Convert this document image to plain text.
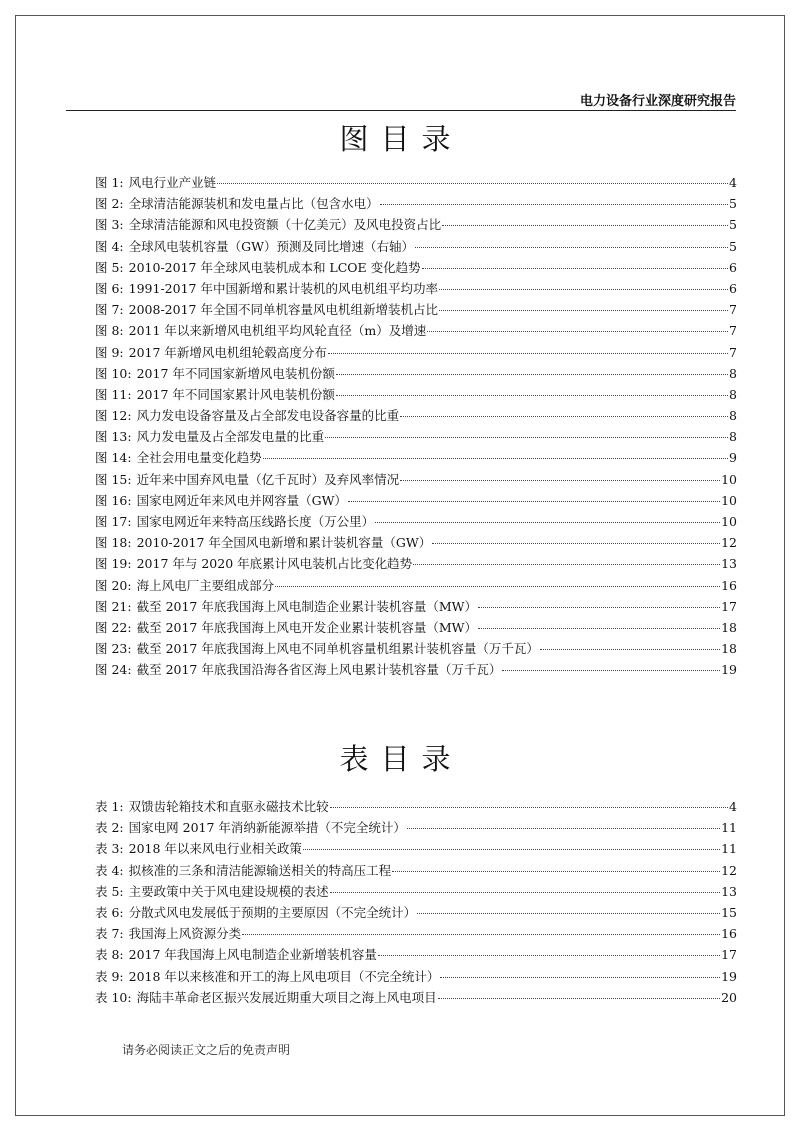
电力设备行业深度研究报告
图目录
图 1: 风电行业产业链	4
图 2: 全球清洁能源装机和发电量占比（包含水电）	5
图 3: 全球清洁能源和风电投资额（十亿美元）及风电投资占比	5
图 4: 全球风电装机容量（GW）预测及同比增速（右轴）	5
图 5: 2010-2017 年全球风电装机成本和 LCOE 变化趋势	6
图 6: 1991-2017 年中国新增和累计装机的风电机组平均功率	6
图 7: 2008-2017 年全国不同单机容量风电机组新增装机占比	7
图 8: 2011 年以来新增风电机组平均风轮直径（m）及增速	7
图 9: 2017 年新增风电机组轮毂高度分布	7
图 10: 2017 年不同国家新增风电装机份额	8
图 11: 2017 年不同国家累计风电装机份额	8
图 12: 风力发电设备容量及占全部发电设备容量的比重	8
图 13: 风力发电量及占全部发电量的比重	8
图 14: 全社会用电量变化趋势	9
图 15: 近年来中国弃风电量（亿千瓦时）及弃风率情况	10
图 16: 国家电网近年来风电并网容量（GW）	10
图 17: 国家电网近年来特高压线路长度（万公里）	10
图 18: 2010-2017 年全国风电新增和累计装机容量（GW）	12
图 19: 2017 年与 2020 年底累计风电装机占比变化趋势	13
图 20: 海上风电厂主要组成部分	16
图 21: 截至 2017 年底我国海上风电制造企业累计装机容量（MW）	17
图 22: 截至 2017 年底我国海上风电开发企业累计装机容量（MW）	18
图 23: 截至 2017 年底我国海上风电不同单机容量机组累计装机容量（万千瓦）	18
图 24: 截至 2017 年底我国沿海各省区海上风电累计装机容量（万千瓦）	19
表目录
表 1: 双馈齿轮箱技术和直驱永磁技术比较	4
表 2: 国家电网 2017 年消纳新能源举措（不完全统计）	11
表 3: 2018 年以来风电行业相关政策	11
表 4: 拟核准的三条和清洁能源输送相关的特高压工程	12
表 5: 主要政策中关于风电建设规模的表述	13
表 6: 分散式风电发展低于预期的主要原因（不完全统计）	15
表 7: 我国海上风资源分类	16
表 8: 2017 年我国海上风电制造企业新增装机容量	17
表 9: 2018 年以来核准和开工的海上风电项目（不完全统计）	19
表 10: 海陆丰革命老区振兴发展近期重大项目之海上风电项目	20
请务必阅读正文之后的免责声明
